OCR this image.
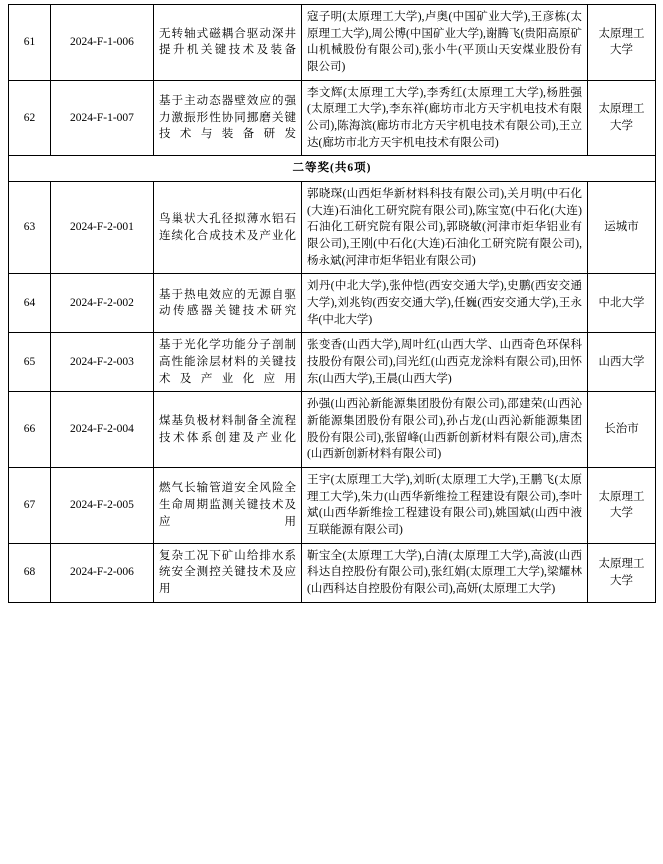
61	2024-F-1-006	无转轴式磁耦合驱动深井提升机关键技术及装备	寇子明(太原理工大学),卢奥(中国矿业大学),王彦栋(太原理工大学),周公博(中国矿业大学),谢腾飞(贵阳高原矿山机械股份有限公司),张小牛(平顶山天安煤业股份有限公司)	太原理工大学
62	2024-F-1-007	基于主动态器壁效应的强力激振形性协同挪磨关键技术与装备研发	李文辉(太原理工大学),李秀红(太原理工大学),杨胜强(太原理工大学),李东祥(廊坊市北方天宇机电技术有限公司),陈海滨(廊坊市北方天宇机电技术有限公司),王立达(廊坊市北方天宇机电技术有限公司)	太原理工大学
二等奖(共6项)				
63	2024-F-2-001	鸟巢状大孔径拟薄水铝石连续化合成技术及产业化	郭晓琛(山西炬华新材料科技有限公司),关月明(中石化(大连)石油化工研究院有限公司),陈宝宽(中石化(大连)石油化工研究院有限公司),郭晓敏(河津市炬华铝业有限公司),王刚(中石化(大连)石油化工研究院有限公司),杨永斌(河津市炬华铝业有限公司)	运城市
64	2024-F-2-002	基于热电效应的无源自驱动传感器关键技术研究	刘丹(中北大学),张仲恺(西安交通大学),史鹏(西安交通大学),刘兆钧(西安交通大学),任巍(西安交通大学),王永华(中北大学)	中北大学
65	2024-F-2-003	基于光化学功能分子剖制高性能涂层材料的关键技术及产业化应用	张变香(山西大学),周叶红(山西大学、山西奇色环保科技股份有限公司),闫光红(山西克龙涂料有限公司),田怀东(山西大学),王晨(山西大学)	山西大学
66	2024-F-2-004	煤基负极材料制备全流程技术体系创建及产业化	孙强(山西沁新能源集团股份有限公司),邵建荣(山西沁新能源集团股份有限公司),孙占龙(山西沁新能源集团股份有限公司),张留峰(山西新创新材料有限公司),唐杰(山西新创新材料有限公司)	长治市
67	2024-F-2-005	燃气长输管道安全风险全生命周期监测关键技术及应用	王宇(太原理工大学),刘昕(太原理工大学),王鹏飞(太原理工大学),朱力(山西华新维捡工程建设有限公司),李叶斌(山西华新维捡工程建设有限公司),姚国斌(山西中液互联能源有限公司)	太原理工大学
68	2024-F-2-006	复杂工况下矿山给排水系统安全测控关键技术及应用	靳宝全(太原理工大学),白清(太原理工大学),高波(山西科达自控股份有限公司),张红娟(太原理工大学),梁耀林(山西科达自控股份有限公司),高妍(太原理工大学)	太原理工大学
